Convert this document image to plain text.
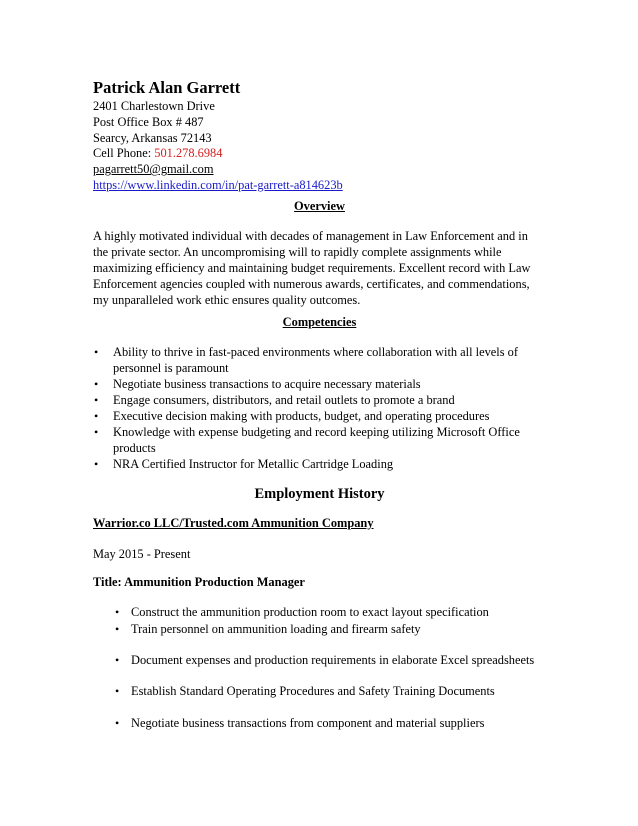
Patrick Alan Garrett
2401 Charlestown Drive
Post Office Box # 487
Searcy, Arkansas 72143
Cell Phone: 501.278.6984
pagarrett50@gmail.com
https://www.linkedin.com/in/pat-garrett-a814623b
Overview
A highly motivated individual with decades of management in Law Enforcement and in
the private sector. An uncompromising will to rapidly complete assignments while
maximizing efficiency and maintaining budget requirements. Excellent record with Law
Enforcement agencies coupled with numerous awards, certificates, and commendations,
my unparalleled work ethic ensures quality outcomes.
Competencies
• Ability to thrive in fast-paced environments where collaboration with all levels of
personnel is paramount
• Negotiate business transactions to acquire necessary materials
• Engage consumers, distributors, and retail outlets to promote a brand
• Executive decision making with products, budget, and operating procedures
• Knowledge with expense budgeting and record keeping utilizing Microsoft Office
products
• NRA Certified Instructor for Metallic Cartridge Loading
Employment History
Warrior.co LLC/Trusted.com Ammunition Company
May 2015 - Present
Title: Ammunition Production Manager
• Construct the ammunition production room to exact layout specification
• Train personnel on ammunition loading and firearm safety
• Document expenses and production requirements in elaborate Excel spreadsheets
• Establish Standard Operating Procedures and Safety Training Documents
• Negotiate business transactions from component and material suppliers
